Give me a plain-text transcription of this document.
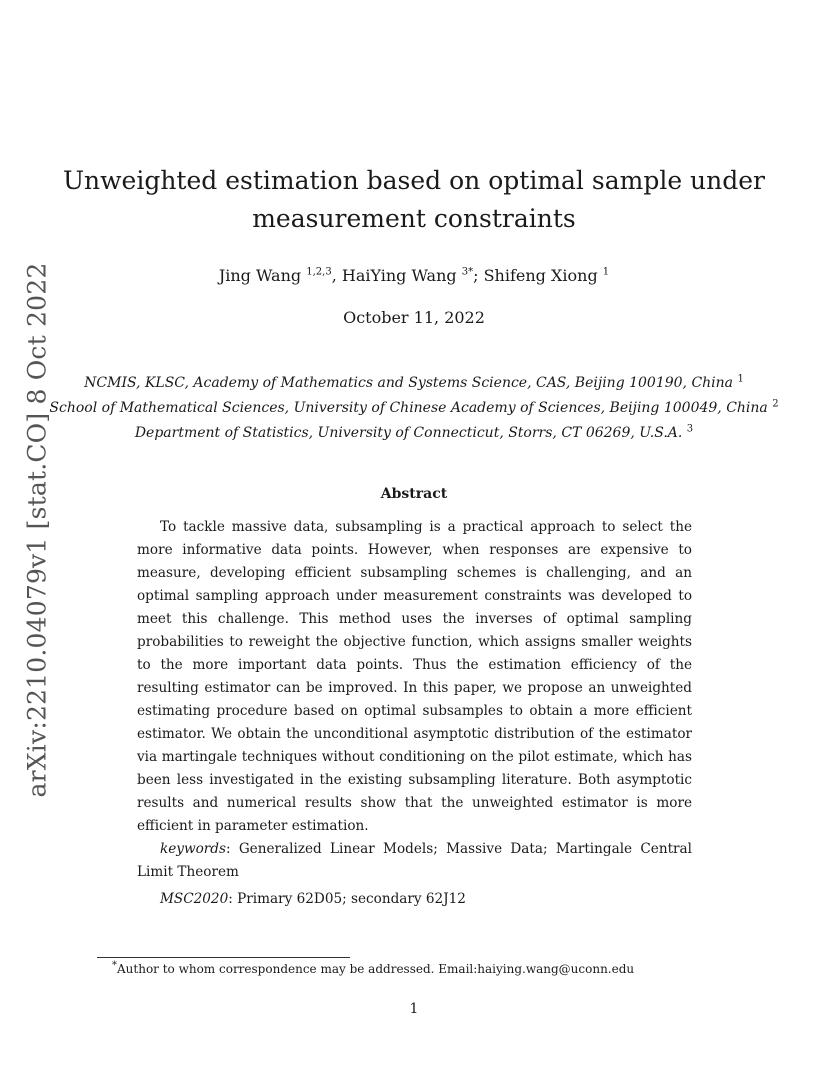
arXiv:2210.04079v1 [stat.CO] 8 Oct 2022
Unweighted estimation based on optimal sample under
measurement constraints
Jing Wang $^{1,2,3}$, HaiYing Wang $^{3*}$; Shifeng Xiong $^1$
October 11, 2022
NCMIS, KLSC, Academy of Mathematics and Systems Science, CAS, Beijing 100190, China $^1$
School of Mathematical Sciences, University of Chinese Academy of Sciences, Beijing 100049, China $^2$
Department of Statistics, University of Connecticut, Storrs, CT 06269, U.S.A. $^3$
Abstract

To tackle massive data, subsampling is a practical approach to select the more informative data points. However, when responses are expensive to measure, developing efficient subsampling schemes is challenging, and an optimal sampling approach under measurement constraints was developed to meet this challenge. This method uses the inverses of optimal sampling probabilities to reweight the objective function, which assigns smaller weights to the more important data points. Thus the estimation efficiency of the resulting estimator can be improved. In this paper, we propose an unweighted estimating procedure based on optimal subsamples to obtain a more efficient estimator. We obtain the unconditional asymptotic distribution of the estimator via martingale techniques without conditioning on the pilot estimate, which has been less investigated in the existing subsampling literature. Both asymptotic results and numerical results show that the unweighted estimator is more efficient in parameter estimation.

keywords: Generalized Linear Models; Massive Data; Martingale Central Limit Theorem

MSC2020: Primary 62D05; secondary 62J12

*Author to whom correspondence may be addressed. Email:haiying.wang@uconn.edu
1
